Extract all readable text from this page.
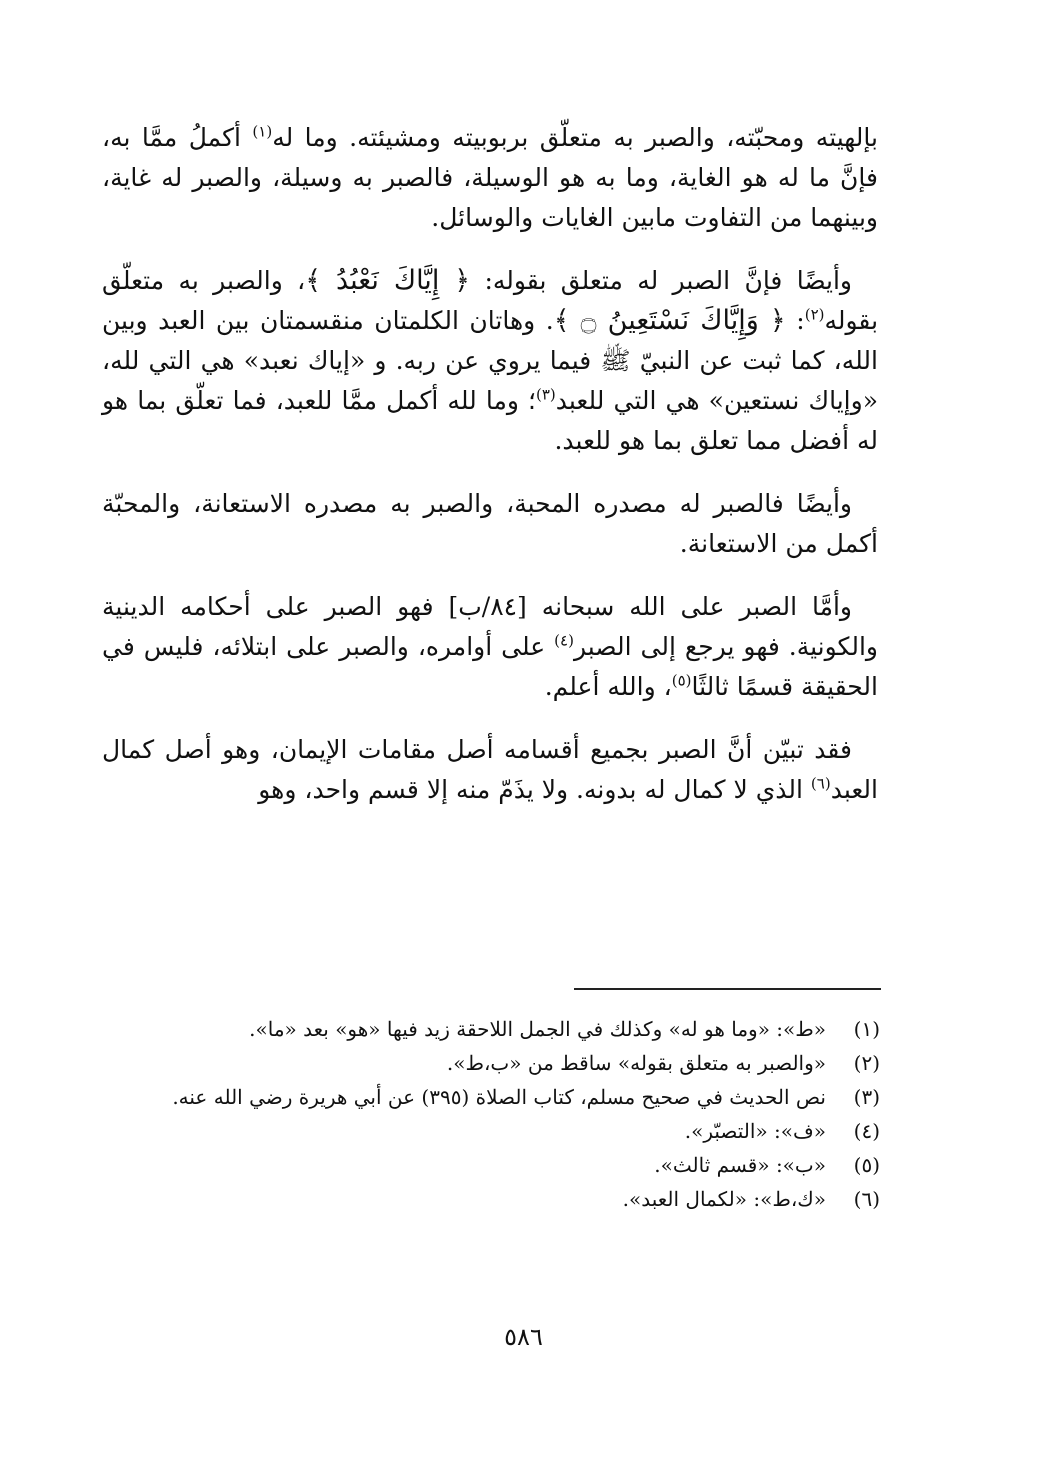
بإلهيته ومحبّته، والصبر به متعلّق بربوبيته ومشيئته. وما له$^{(١)}$ أكملُ ممَّا به، فإنَّ ما له هو الغاية، وما به هو الوسيلة، فالصبر به وسيلة، والصبر له غاية، وبينهما من التفاوت مابين الغايات والوسائل.

وأيضًا فإنَّ الصبر له متعلق بقوله: ﴿ إِيَّاكَ نَعْبُدُ ﴾، والصبر به متعلّق بقوله$^{(٢)}$: ﴿ وَإِيَّاكَ نَسْتَعِينُ ۝ ﴾. وهاتان الكلمتان منقسمتان بين العبد وبين الله، كما ثبت عن النبيّ ﷺ فيما يروي عن ربه. و «إياك نعبد» هي التي لله، «وإياك نستعين» هي التي للعبد$^{(٣)}$؛ وما لله أكمل ممَّا للعبد، فما تعلّق بما هو له أفضل مما تعلق بما هو للعبد.

وأيضًا فالصبر له مصدره المحبة، والصبر به مصدره الاستعانة، والمحبّة أكمل من الاستعانة.

وأمَّا الصبر على الله سبحانه [٨٤/ب] فهو الصبر على أحكامه الدينية والكونية. فهو يرجع إلى الصبر$^{(٤)}$ على أوامره، والصبر على ابتلائه، فليس في الحقيقة قسمًا ثالثًا$^{(٥)}$، والله أعلم.

فقد تبيّن أنَّ الصبر بجميع أقسامه أصل مقامات الإيمان، وهو أصل كمال العبد$^{(٦)}$ الذي لا كمال له بدونه. ولا يذَمّ منه إلا قسم واحد، وهو

(١)
«ط»: «وما هو له» وكذلك في الجمل اللاحقة زيد فيها «هو» بعد «ما».

(٢)
«والصبر به متعلق بقوله» ساقط من «ب،ط».

(٣)
نص الحديث في صحيح مسلم، كتاب الصلاة (٣٩٥) عن أبي هريرة رضي الله عنه.

(٤)
«ف»: «التصبّر».

(٥)
«ب»: «قسم ثالث».

(٦)
«ك،ط»: «لكمال العبد».

٥٨٦
